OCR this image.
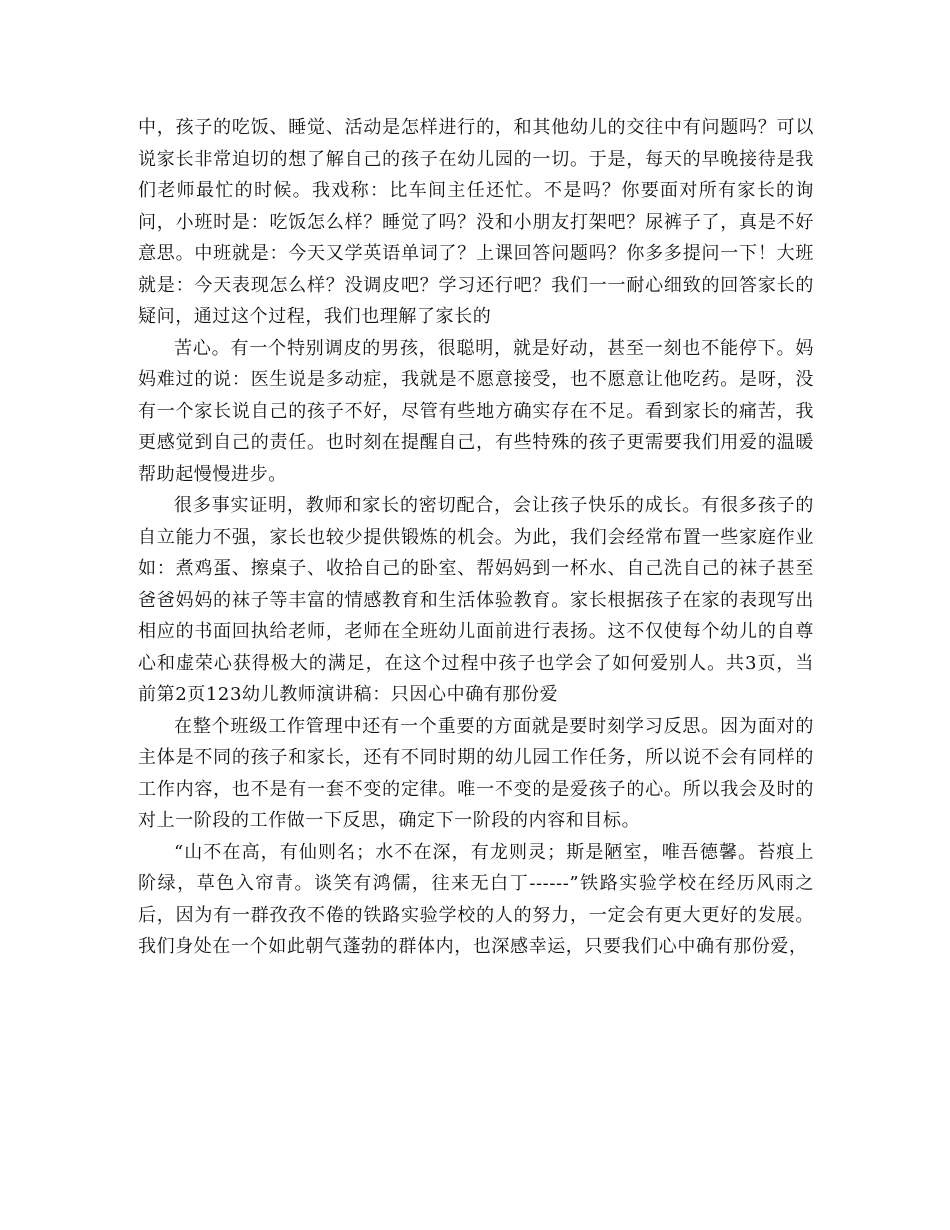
中，孩子的吃饭、睡觉、活动是怎样进行的，和其他幼儿的交往中有问题吗？可以说家长非常迫切的想了解自己的孩子在幼儿园的一切。于是，每天的早晚接待是我们老师最忙的时候。我戏称：比车间主任还忙。不是吗？你要面对所有家长的询问，小班时是：吃饭怎么样？睡觉了吗？没和小朋友打架吧？尿裤子了，真是不好意思。中班就是：今天又学英语单词了？上课回答问题吗？你多多提问一下！大班就是：今天表现怎么样？没调皮吧？学习还行吧？我们一一耐心细致的回答家长的疑问，通过这个过程，我们也理解了家长的

苦心。有一个特别调皮的男孩，很聪明，就是好动，甚至一刻也不能停下。妈妈难过的说：医生说是多动症，我就是不愿意接受，也不愿意让他吃药。是呀，没有一个家长说自己的孩子不好，尽管有些地方确实存在不足。看到家长的痛苦，我更感觉到自己的责任。也时刻在提醒自己，有些特殊的孩子更需要我们用爱的温暖帮助起慢慢进步。

很多事实证明，教师和家长的密切配合，会让孩子快乐的成长。有很多孩子的自立能力不强，家长也较少提供锻炼的机会。为此，我们会经常布置一些家庭作业如：煮鸡蛋、擦桌子、收拾自己的卧室、帮妈妈到一杯水、自己洗自己的袜子甚至爸爸妈妈的袜子等丰富的情感教育和生活体验教育。家长根据孩子在家的表现写出相应的书面回执给老师，老师在全班幼儿面前进行表扬。这不仅使每个幼儿的自尊心和虚荣心获得极大的满足，在这个过程中孩子也学会了如何爱别人。共3页，当前第2页123幼儿教师演讲稿：只因心中确有那份爱

在整个班级工作管理中还有一个重要的方面就是要时刻学习反思。因为面对的主体是不同的孩子和家长，还有不同时期的幼儿园工作任务，所以说不会有同样的工作内容，也不是有一套不变的定律。唯一不变的是爱孩子的心。所以我会及时的对上一阶段的工作做一下反思，确定下一阶段的内容和目标。

“山不在高，有仙则名；水不在深，有龙则灵；斯是陋室，唯吾德馨。苔痕上阶绿，草色入帘青。谈笑有鸿儒，往来无白丁------”铁路实验学校在经历风雨之后，因为有一群孜孜不倦的铁路实验学校的人的努力，一定会有更大更好的发展。我们身处在一个如此朝气蓬勃的群体内，也深感幸运，只要我们心中确有那份爱，
